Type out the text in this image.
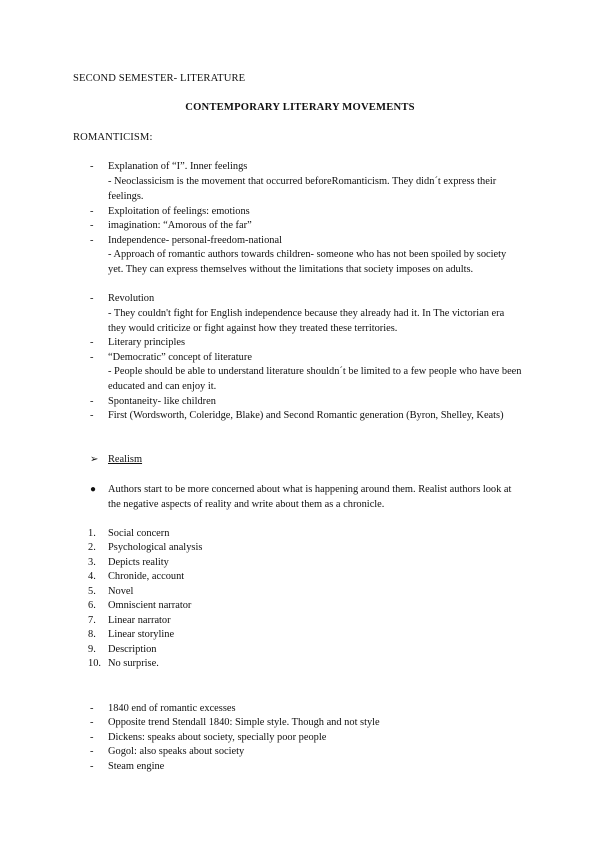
SECOND SEMESTER- LITERATURE
CONTEMPORARY LITERARY MOVEMENTS
ROMANTICISM:
-	Explanation of “I”. Inner feelings
- Neoclassicism is the movement that occurred beforeRomanticism. They didn´t express their feelings.
-	Exploitation of feelings: emotions
-	imagination: “Amorous of the far”
-	Independence- personal-freedom-national
- Approach of romantic authors towards children- someone who has not been spoiled by society yet. They can express themselves without the limitations that society imposes on adults.
-	Revolution
- They couldn't fight for English independence because they already had it. In The victorian era they would criticize or fight against how they treated these territories.
-	Literary principles
-	“Democratic” concept of literature
- People should be able to understand literature shouldn´t be limited to a few people who have been educated and can enjoy it.
-	Spontaneity- like children
-	First (Wordsworth, Coleridge, Blake) and Second Romantic generation (Byron, Shelley, Keats)
➢ Realism
● Authors start to be more concerned about what is happening around them. Realist authors look at the negative aspects of reality and write about them as a chronicle.
1.	Social concern
2.	Psychological analysis
3.	Depicts reality
4.	Chronide, account
5.	Novel
6.	Omniscient narrator
7.	Linear narrator
8.	Linear storyline
9.	Description
10. No surprise.
-	1840 end of romantic excesses
-	Opposite trend Stendall 1840: Simple style. Though and not style
-	Dickens: speaks about society, specially poor people
-	Gogol: also speaks about society
-	Steam engine
